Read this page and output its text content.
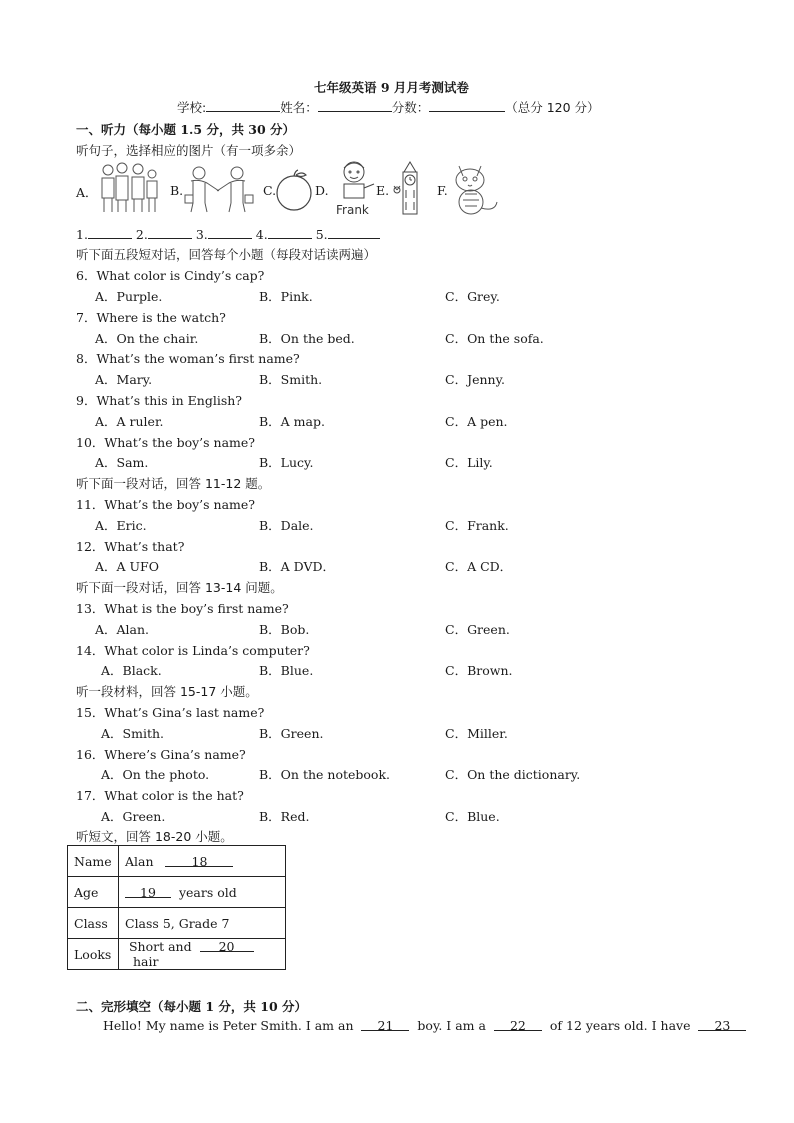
七年级英语 9 月月考测试卷
学校:	姓名：	分数：	（总分 120 分）
一、听力（每小题 1.5 分，共 30 分）
听句子，选择相应的图片（有一项多余）
A．	B.	C.	D.
Frank
E.	F.
1.	2.	3.	4.	5.
听下面五段短对话，回答每个小题（每段对话读两遍）
6．What color is Cindy’s cap?
A．Purple.	B．Pink.	C．Grey.
7．Where is the watch?
A．On the chair.	B．On the bed.	C．On the sofa.
8．What’s the woman’s first name?
A．Mary.	B．Smith.	C．Jenny.
9．What’s this in English?
A．A ruler.	B．A map.	C．A pen.
10．What’s the boy’s name?
A．Sam.	B．Lucy.	C．Lily.
听下面一段对话，回答 11-12 题。
11．What’s the boy’s name?
A．Eric.	B．Dale.	C．Frank.
12．What’s that?
A．A UFO	B．A DVD．	C．A CD．
听下面一段对话，回答 13-14 问题。
13．What is the boy’s first name?
A．Alan.	B．Bob.	C．Green.
14．What color is Linda’s computer?
A．Black.	B．Blue.	C．Brown.
听一段材料，回答 15-17 小题。
15．What’s Gina’s last name?
A．Smith.	B．Green.	C．Miller.
16．Where’s Gina’s name?
A．On the photo.	B．On the notebook.	C．On the dictionary.
17．What color is the hat?
A．Green.	B．Red.	C．Blue.
听短文，回答 18-20 小题。
Name	Alan 18
Age	19 years old
Class	Class 5, Grade 7
Looks	Short and 20  hair
二、完形填空（每小题 1 分，共 10 分）
Hello! My name is Peter Smith. I am an 21 boy. I am a 22 of 12 years old. I have 23
